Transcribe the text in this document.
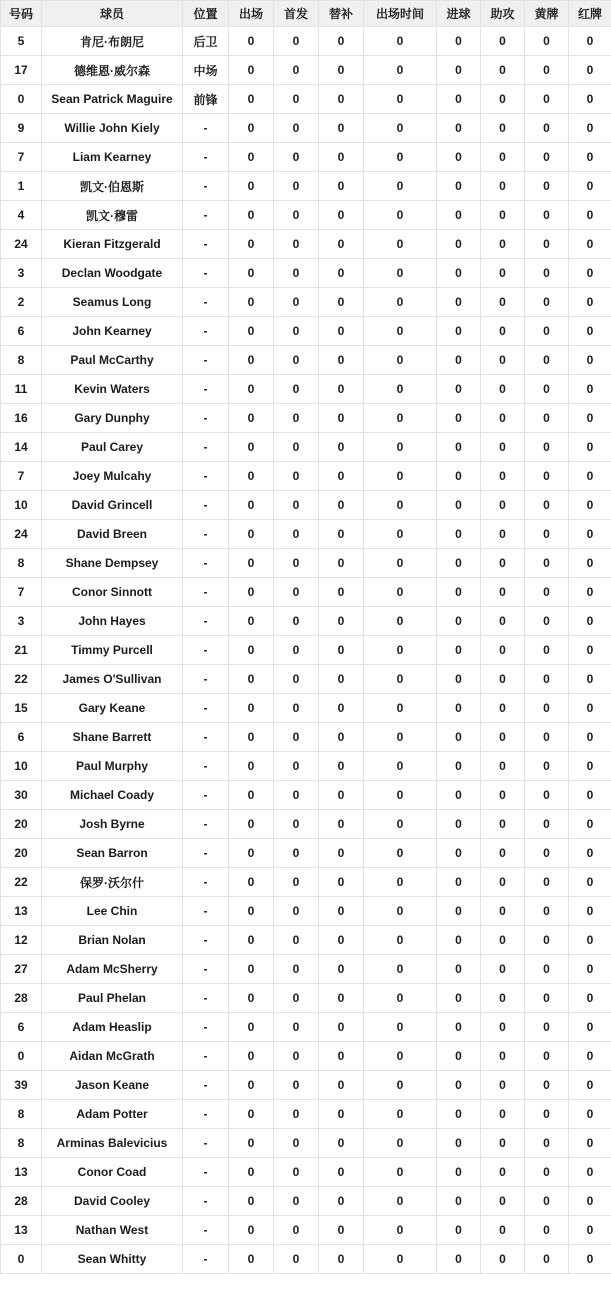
号码	球员	位置	出场	首发	替补	出场时间	进球	助攻	黄牌	红牌
5	肯尼·布朗尼	后卫	0	0	0	0	0	0	0	0
17	德维恩·威尔森	中场	0	0	0	0	0	0	0	0
0	Sean Patrick Maguire	前锋	0	0	0	0	0	0	0	0
9	Willie John Kiely	-	0	0	0	0	0	0	0	0
7	Liam Kearney	-	0	0	0	0	0	0	0	0
1	凯文·伯恩斯	-	0	0	0	0	0	0	0	0
4	凯文·穆雷	-	0	0	0	0	0	0	0	0
24	Kieran Fitzgerald	-	0	0	0	0	0	0	0	0
3	Declan Woodgate	-	0	0	0	0	0	0	0	0
2	Seamus Long	-	0	0	0	0	0	0	0	0
6	John Kearney	-	0	0	0	0	0	0	0	0
8	Paul McCarthy	-	0	0	0	0	0	0	0	0
11	Kevin Waters	-	0	0	0	0	0	0	0	0
16	Gary Dunphy	-	0	0	0	0	0	0	0	0
14	Paul Carey	-	0	0	0	0	0	0	0	0
7	Joey Mulcahy	-	0	0	0	0	0	0	0	0
10	David Grincell	-	0	0	0	0	0	0	0	0
24	David Breen	-	0	0	0	0	0	0	0	0
8	Shane Dempsey	-	0	0	0	0	0	0	0	0
7	Conor Sinnott	-	0	0	0	0	0	0	0	0
3	John Hayes	-	0	0	0	0	0	0	0	0
21	Timmy Purcell	-	0	0	0	0	0	0	0	0
22	James O'Sullivan	-	0	0	0	0	0	0	0	0
15	Gary Keane	-	0	0	0	0	0	0	0	0
6	Shane Barrett	-	0	0	0	0	0	0	0	0
10	Paul Murphy	-	0	0	0	0	0	0	0	0
30	Michael Coady	-	0	0	0	0	0	0	0	0
20	Josh Byrne	-	0	0	0	0	0	0	0	0
20	Sean Barron	-	0	0	0	0	0	0	0	0
22	保罗·沃尔什	-	0	0	0	0	0	0	0	0
13	Lee Chin	-	0	0	0	0	0	0	0	0
12	Brian Nolan	-	0	0	0	0	0	0	0	0
27	Adam McSherry	-	0	0	0	0	0	0	0	0
28	Paul Phelan	-	0	0	0	0	0	0	0	0
6	Adam Heaslip	-	0	0	0	0	0	0	0	0
0	Aidan McGrath	-	0	0	0	0	0	0	0	0
39	Jason Keane	-	0	0	0	0	0	0	0	0
8	Adam Potter	-	0	0	0	0	0	0	0	0
8	Arminas Balevicius	-	0	0	0	0	0	0	0	0
13	Conor Coad	-	0	0	0	0	0	0	0	0
28	David Cooley	-	0	0	0	0	0	0	0	0
13	Nathan West	-	0	0	0	0	0	0	0	0
0	Sean Whitty	-	0	0	0	0	0	0	0	0
